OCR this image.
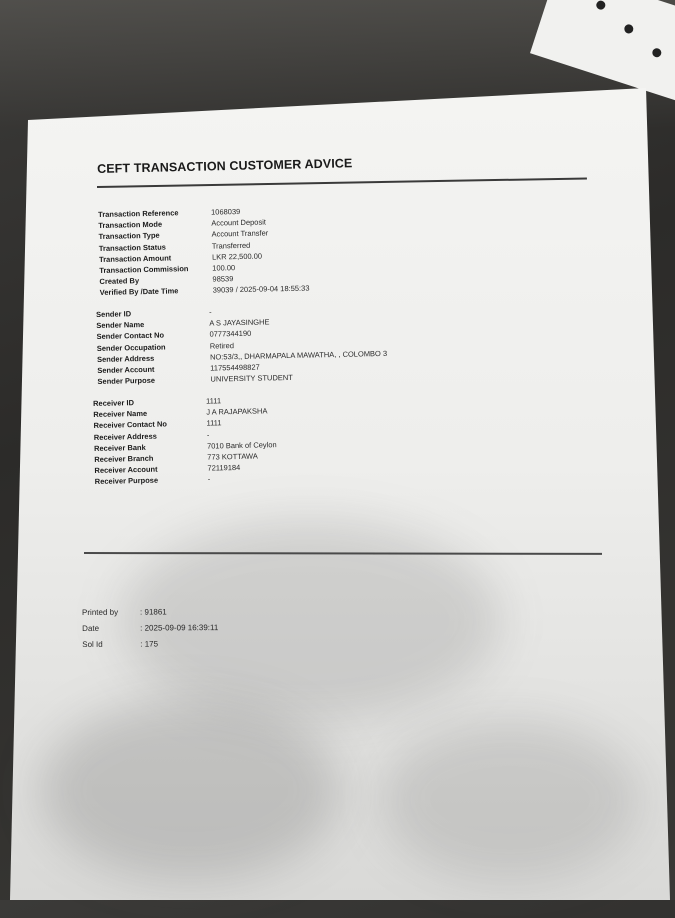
CEFT TRANSACTION CUSTOMER ADVICE
Transaction Reference	1068039
Transaction Mode	Account Deposit
Transaction Type	Account Transfer
Transaction Status	Transferred
Transaction Amount	LKR 22,500.00
Transaction Commission	100.00
Created By	98539
Verified By /Date Time	39039 / 2025-09-04 18:55:33
Sender ID	-
Sender Name	A S JAYASINGHE
Sender Contact No	0777344190
Sender Occupation	Retired
Sender Address	NO:53/3,, DHARMAPALA MAWATHA, , COLOMBO 3
Sender Account	117554498827
Sender Purpose	UNIVERSITY STUDENT
Receiver ID	1111
Receiver Name	J A RAJAPAKSHA
Receiver Contact No	1111
Receiver Address	-
Receiver Bank	7010 Bank of Ceylon
Receiver Branch	773 KOTTAWA
Receiver Account	72119184
Receiver Purpose	-
Printed by	: 91861
Date	: 2025-09-09 16:39:11
Sol Id	: 175
